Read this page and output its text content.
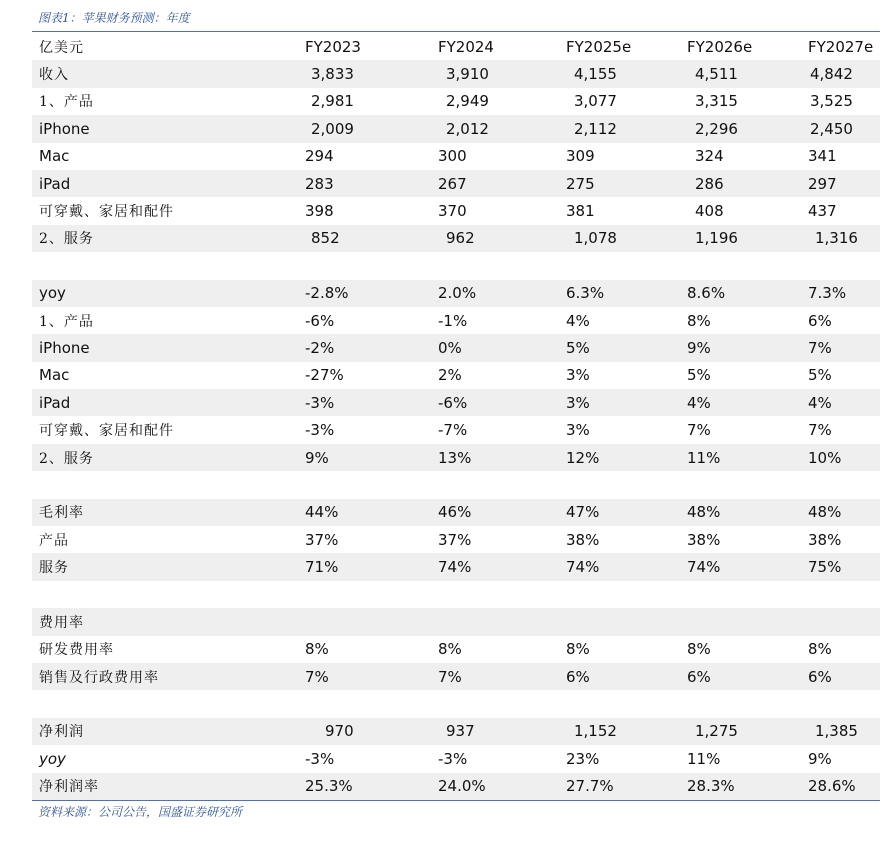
图表1：苹果财务预测：年度
亿美元	FY2023	FY2024	FY2025e	FY2026e	FY2027e
收入	3,833	3,910	4,155	4,511	4,842
1、产品	2,981	2,949	3,077	3,315	3,525
iPhone	2,009	2,012	2,112	2,296	2,450
Mac	294	300	309	324	341
iPad	283	267	275	286	297
可穿戴、家居和配件	398	370	381	408	437
2、服务	852	962	1,078	1,196	1,316
yoy	-2.8%	2.0%	6.3%	8.6%	7.3%
1、产品	-6%	-1%	4%	8%	6%
iPhone	-2%	0%	5%	9%	7%
Mac	-27%	2%	3%	5%	5%
iPad	-3%	-6%	3%	4%	4%
可穿戴、家居和配件	-3%	-7%	3%	7%	7%
2、服务	9%	13%	12%	11%	10%
毛利率	44%	46%	47%	48%	48%
产品	37%	37%	38%	38%	38%
服务	71%	74%	74%	74%	75%
费用率
研发费用率	8%	8%	8%	8%	8%
销售及行政费用率	7%	7%	6%	6%	6%
净利润	970	937	1,152	1,275	1,385
yoy	-3%	-3%	23%	11%	9%
净利润率	25.3%	24.0%	27.7%	28.3%	28.6%
资料来源：公司公告，国盛证券研究所
